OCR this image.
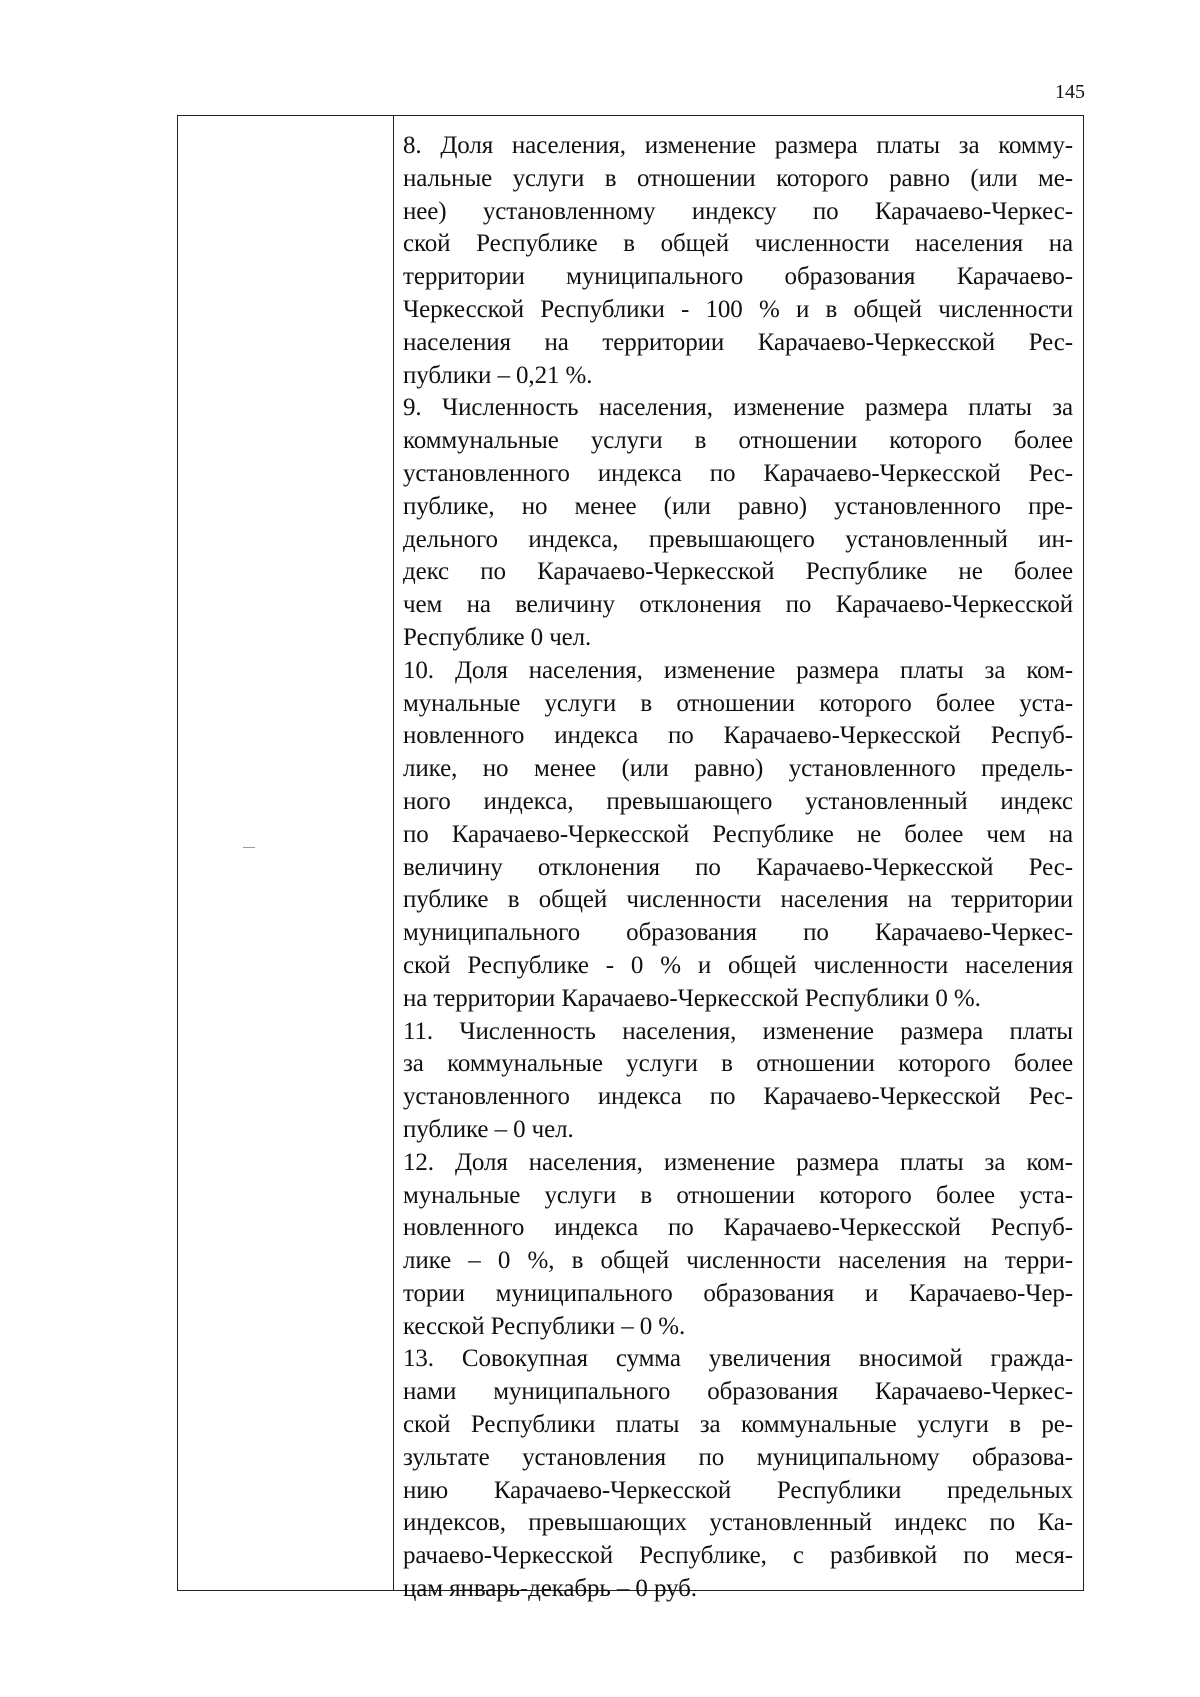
145
8. Доля населения, изменение размера платы за комму-
нальные услуги в отношении которого равно (или ме-
нее) установленному индексу по Карачаево-Черкес-
ской Республике в общей численности населения на
территории муниципального образования Карачаево-
Черкесской Республики - 100 % и в общей численности
населения на территории Карачаево-Черкесской Рес-
публики – 0,21 %.
9. Численность населения, изменение размера платы за
коммунальные услуги в отношении которого более
установленного индекса по Карачаево-Черкесской Рес-
публике, но менее (или равно) установленного пре-
дельного индекса, превышающего установленный ин-
декс по Карачаево-Черкесской Республике не более
чем на величину отклонения по Карачаево-Черкесской
Республике 0 чел.
10. Доля населения, изменение размера платы за ком-
мунальные услуги в отношении которого более уста-
новленного индекса по Карачаево-Черкесской Респуб-
лике, но менее (или равно) установленного предель-
ного индекса, превышающего установленный индекс
по Карачаево-Черкесской Республике не более чем на
величину отклонения по Карачаево-Черкесской Рес-
публике в общей численности населения на территории
муниципального образования по Карачаево-Черкес-
ской Республике - 0 % и общей численности населения
на территории Карачаево-Черкесской Республики 0 %.
11. Численность населения, изменение размера платы
за коммунальные услуги в отношении которого более
установленного индекса по Карачаево-Черкесской Рес-
публике – 0 чел.
12. Доля населения, изменение размера платы за ком-
мунальные услуги в отношении которого более уста-
новленного индекса по Карачаево-Черкесской Респуб-
лике – 0 %, в общей численности населения на терри-
тории муниципального образования и Карачаево-Чер-
кесской Республики – 0 %.
13. Совокупная сумма увеличения вносимой гражда-
нами муниципального образования Карачаево-Черкес-
ской Республики платы за коммунальные услуги в ре-
зультате установления по муниципальному образова-
нию Карачаево-Черкесской Республики предельных
индексов, превышающих установленный индекс по Ка-
рачаево-Черкесской Республике, с разбивкой по меся-
цам январь-декабрь – 0 руб.
